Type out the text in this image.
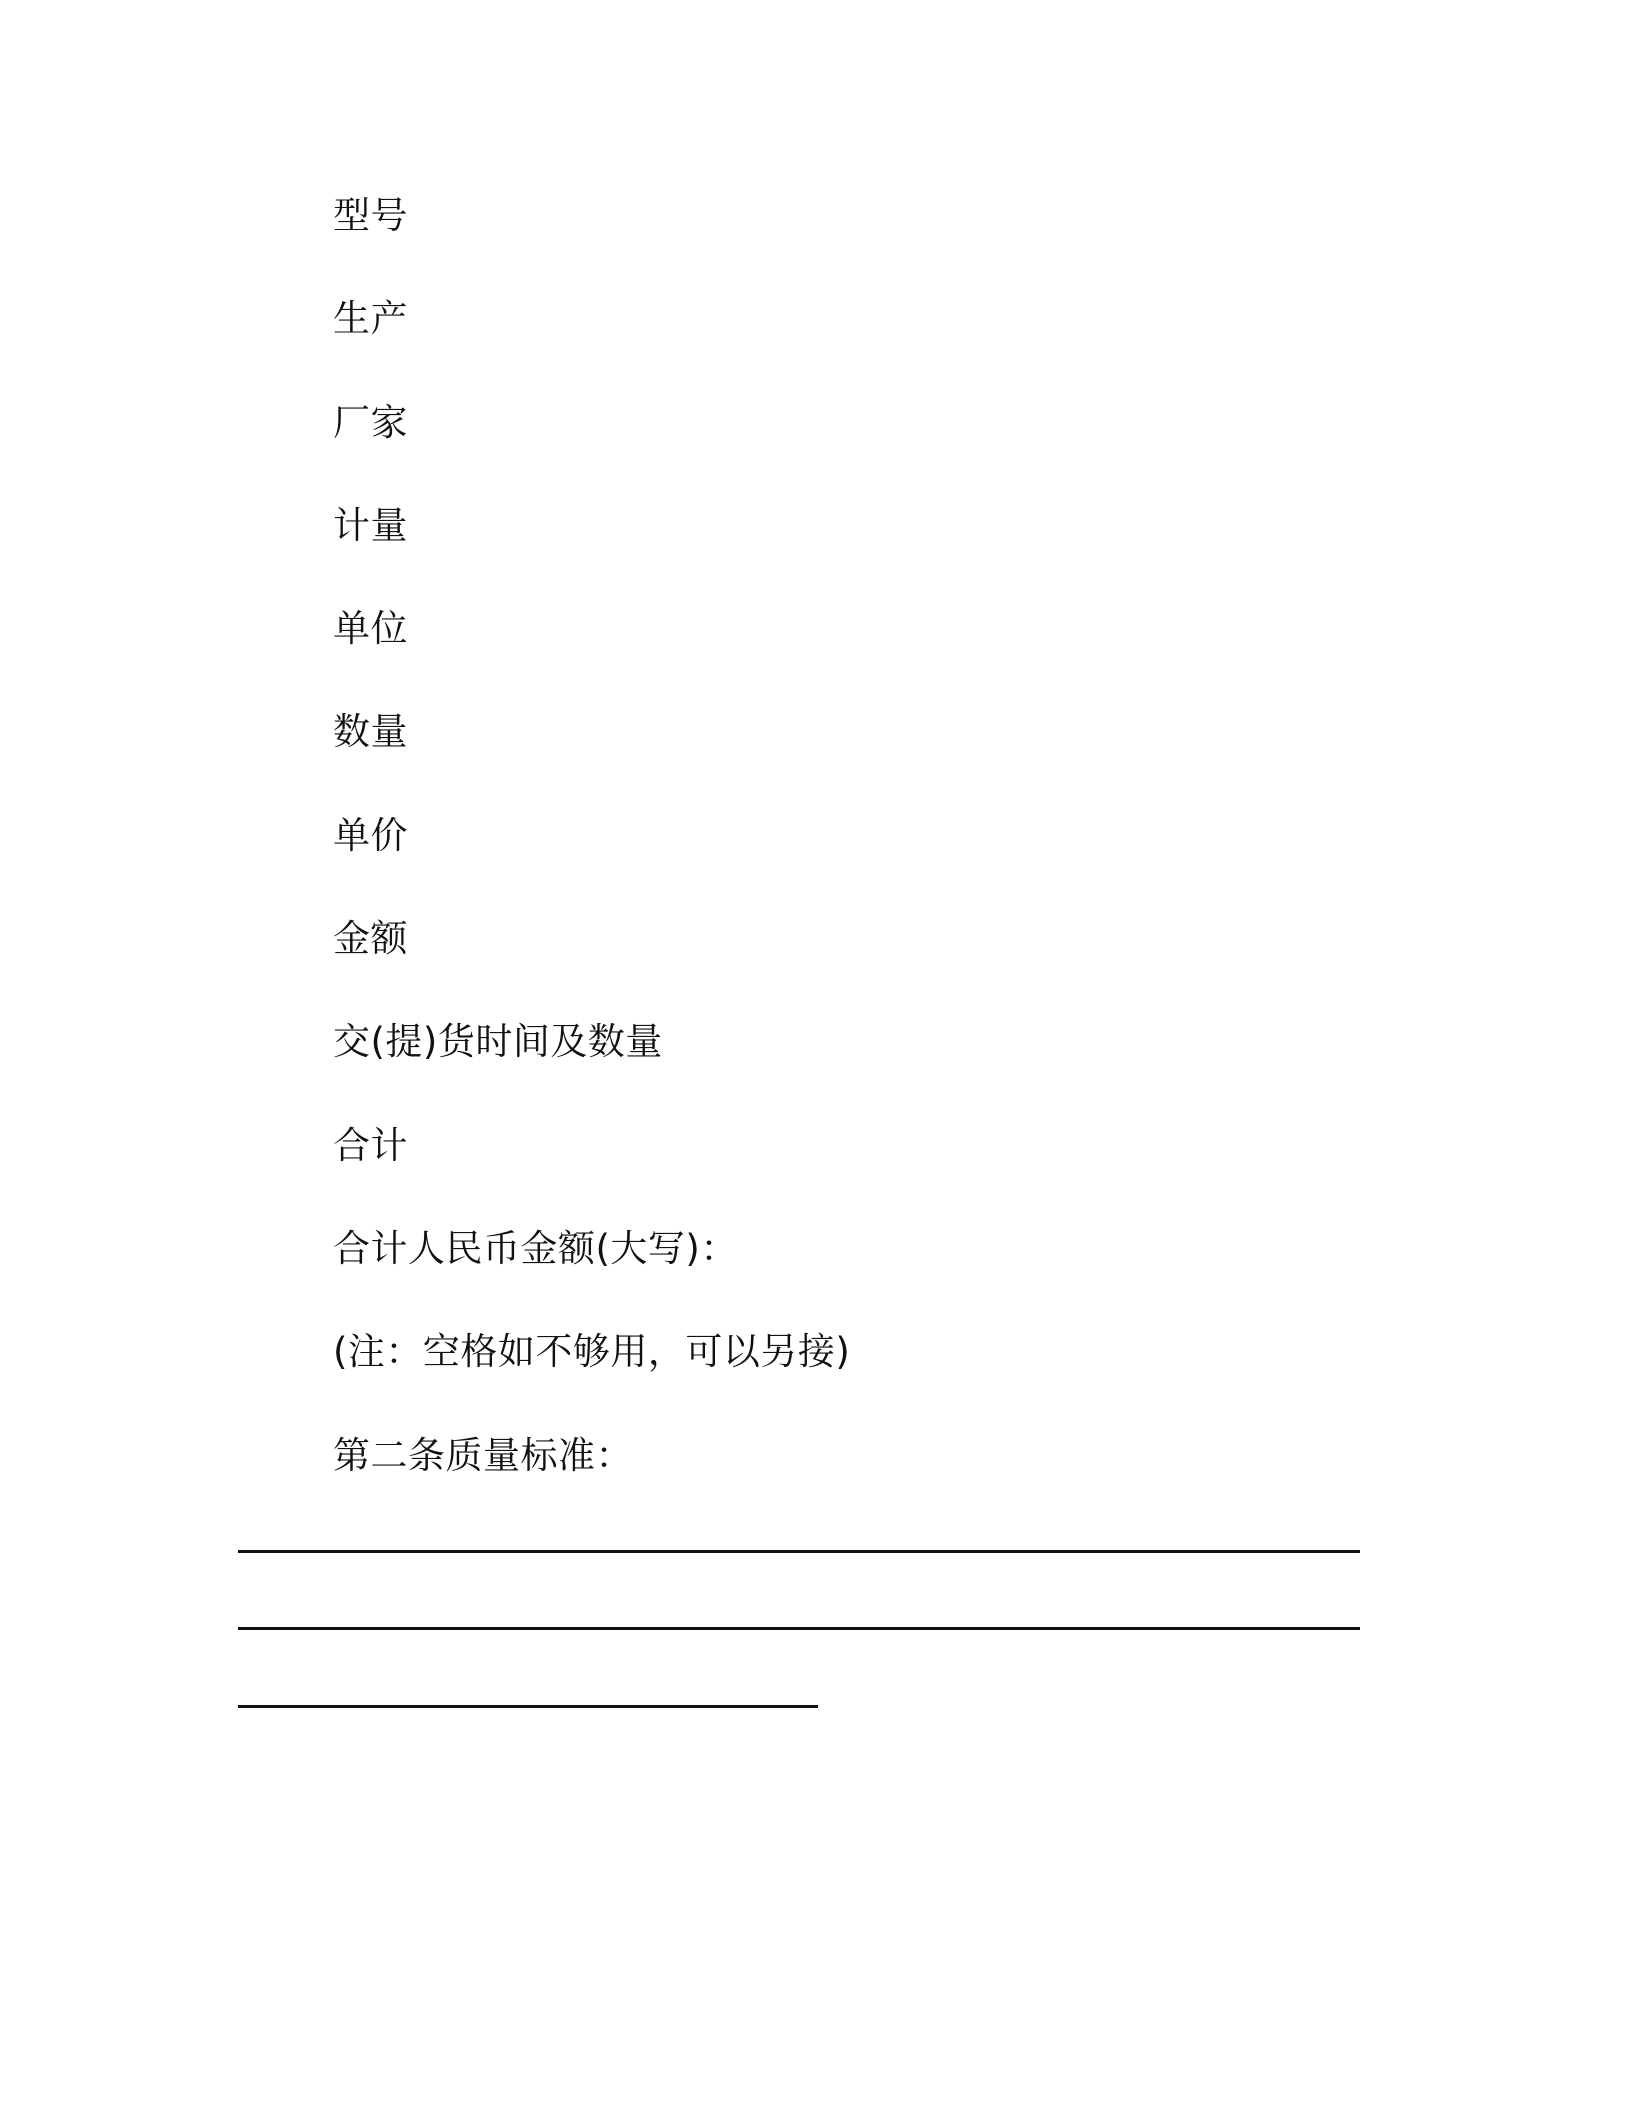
型号
生产
厂家
计量
单位
数量
单价
金额
交(提)货时间及数量
合计
合计人民币金额(大写)：
(注：空格如不够用，可以另接)
第二条质量标准：
